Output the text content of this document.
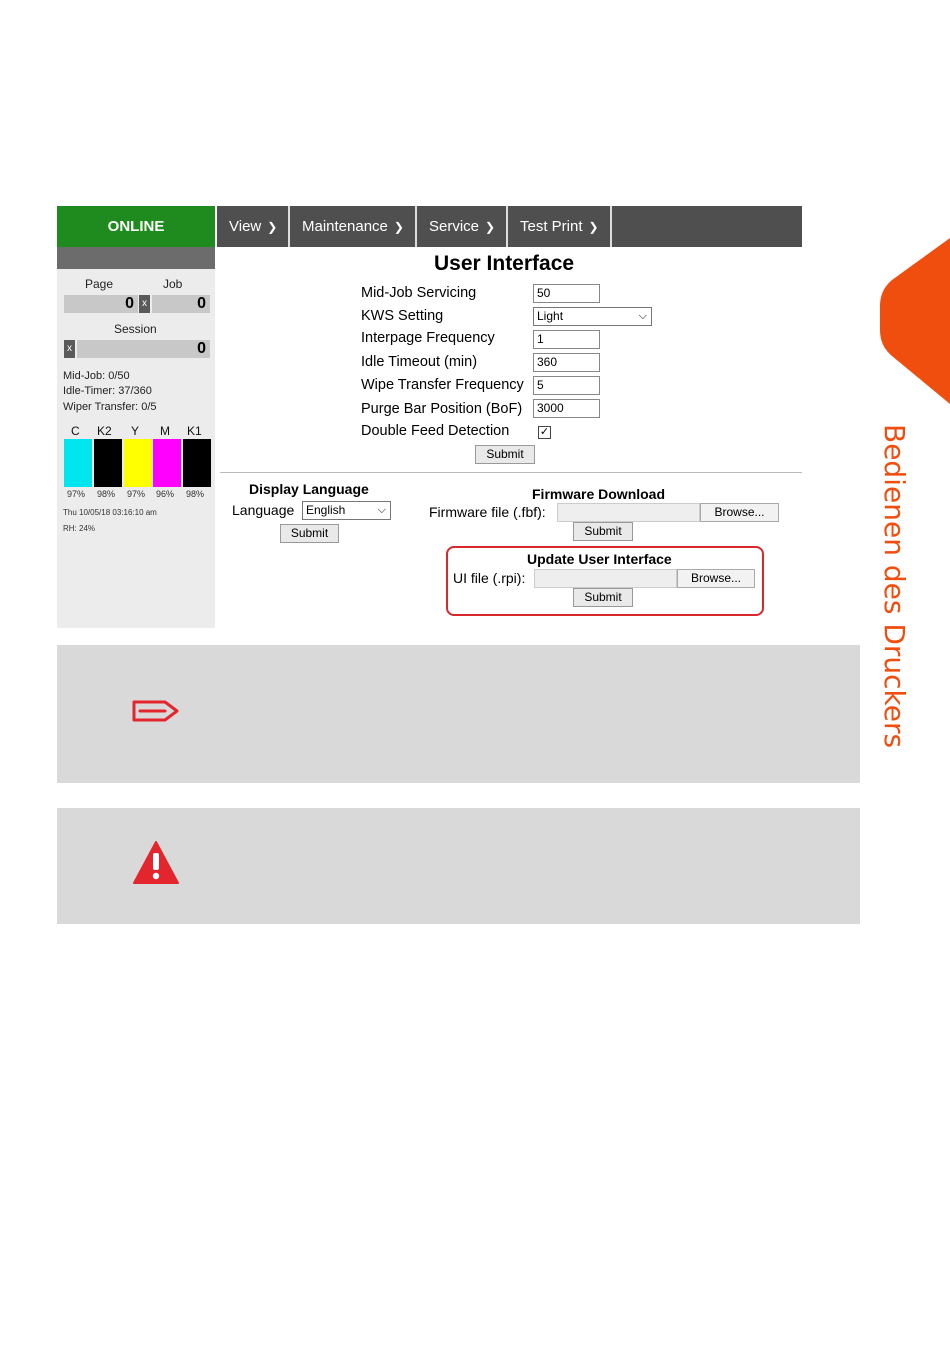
ONLINE	View ❯ Maintenance ❯ Service ❯ Test Print ❯
Page	Job
0 x	0
Session
x	0
Mid-Job: 0/50
Idle-Timer: 37/360
Wiper Transfer: 0/5
C K2 Y M K1
97% 98% 97% 96% 98%
Thu 10/05/18 03:16:10 am
RH: 24%
User Interface
Mid-Job Servicing	50
KWS Setting	Light	⌵
Interpage Frequency	1
Idle Timeout (min)	360
Wipe Transfer Frequency	5
Purge Bar Position (BoF)	3000
Double Feed Detection	✓
Submit
Display Language
Language English	⌵
Submit
Firmware Download
Firmware file (.fbf):	Browse...
Submit
Update User Interface
UI file (.rpi):	Browse...
Submit	Bedienen des Druckers
